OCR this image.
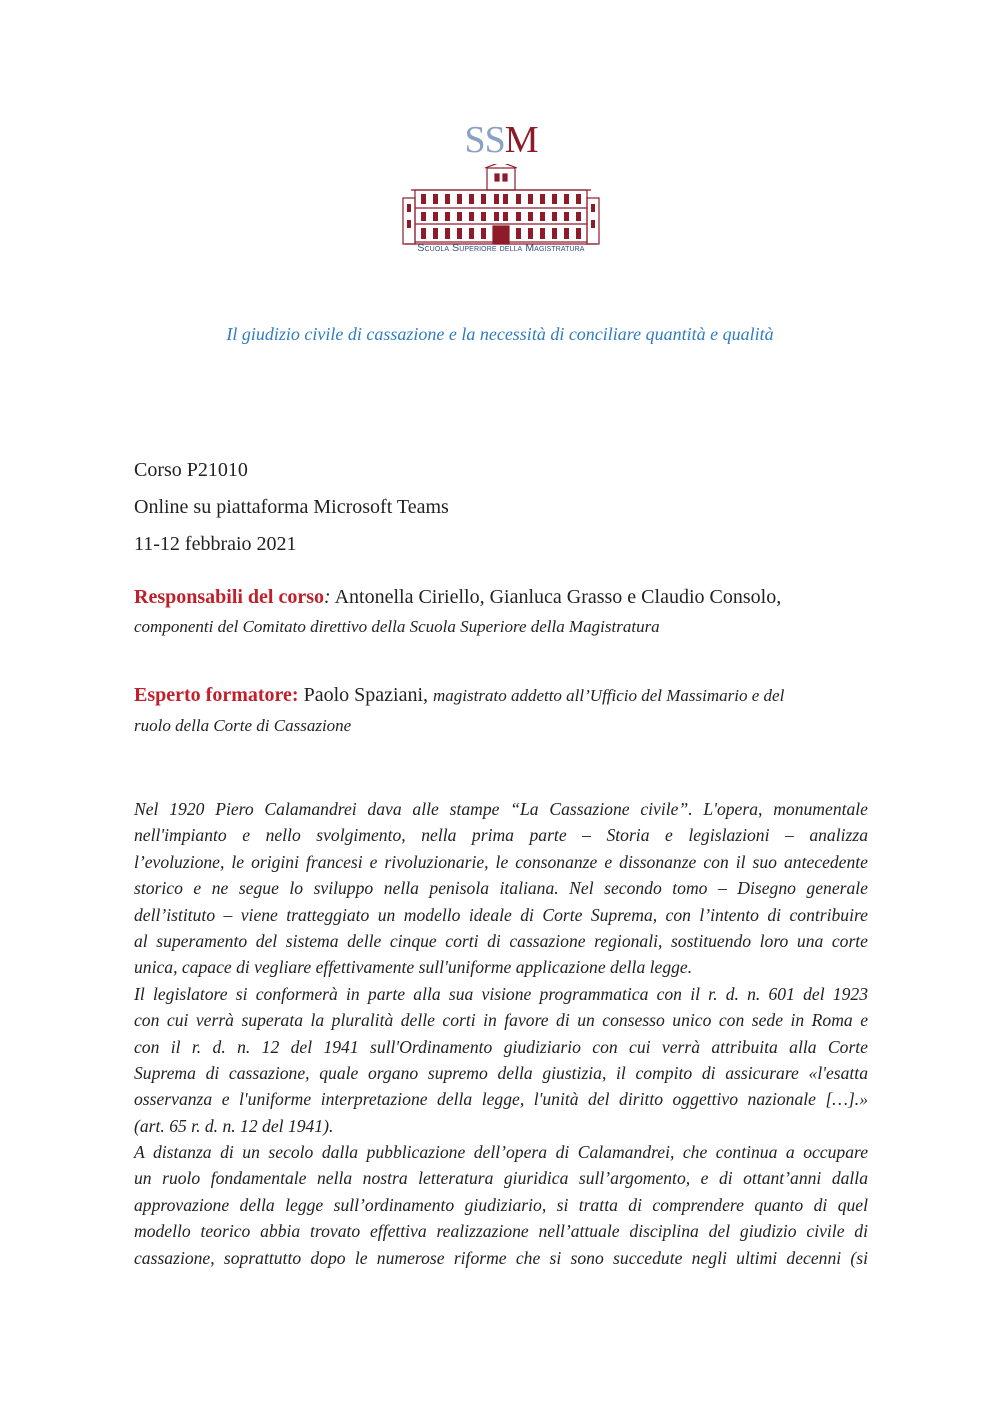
SSM
Scuola Superiore della Magistratura
Il giudizio civile di cassazione e la necessità di conciliare quantità e qualità
Corso P21010
Online su piattaforma Microsoft Teams
11-12 febbraio 2021
Responsabili del corso: Antonella Ciriello, Gianluca Grasso e Claudio Consolo,
componenti del Comitato direttivo della Scuola Superiore della Magistratura
Esperto formatore: Paolo Spaziani, magistrato addetto all’Ufficio del Massimario e del
ruolo della Corte di Cassazione
Nel 1920 Piero Calamandrei dava alle stampe “La Cassazione civile”. L'opera, monumentale
nell'impianto e nello svolgimento, nella prima parte – Storia e legislazioni – analizza
l’evoluzione, le origini francesi e rivoluzionarie, le consonanze e dissonanze con il suo antecedente
storico e ne segue lo sviluppo nella penisola italiana. Nel secondo tomo – Disegno generale
dell’istituto – viene tratteggiato un modello ideale di Corte Suprema, con l’intento di contribuire
al superamento del sistema delle cinque corti di cassazione regionali, sostituendo loro una corte
unica, capace di vegliare effettivamente sull'uniforme applicazione della legge.
Il legislatore si conformerà in parte alla sua visione programmatica con il r. d. n. 601 del 1923
con cui verrà superata la pluralità delle corti in favore di un consesso unico con sede in Roma e
con il r. d. n. 12 del 1941 sull'Ordinamento giudiziario con cui verrà attribuita alla Corte
Suprema di cassazione, quale organo supremo della giustizia, il compito di assicurare «l'esatta
osservanza e l'uniforme interpretazione della legge, l'unità del diritto oggettivo nazionale […].»
(art. 65 r. d. n. 12 del 1941).
A distanza di un secolo dalla pubblicazione dell’opera di Calamandrei, che continua a occupare
un ruolo fondamentale nella nostra letteratura giuridica sull’argomento, e di ottant’anni dalla
approvazione della legge sull’ordinamento giudiziario, si tratta di comprendere quanto di quel
modello teorico abbia trovato effettiva realizzazione nell’attuale disciplina del giudizio civile di
cassazione, soprattutto dopo le numerose riforme che si sono succedute negli ultimi decenni (si
